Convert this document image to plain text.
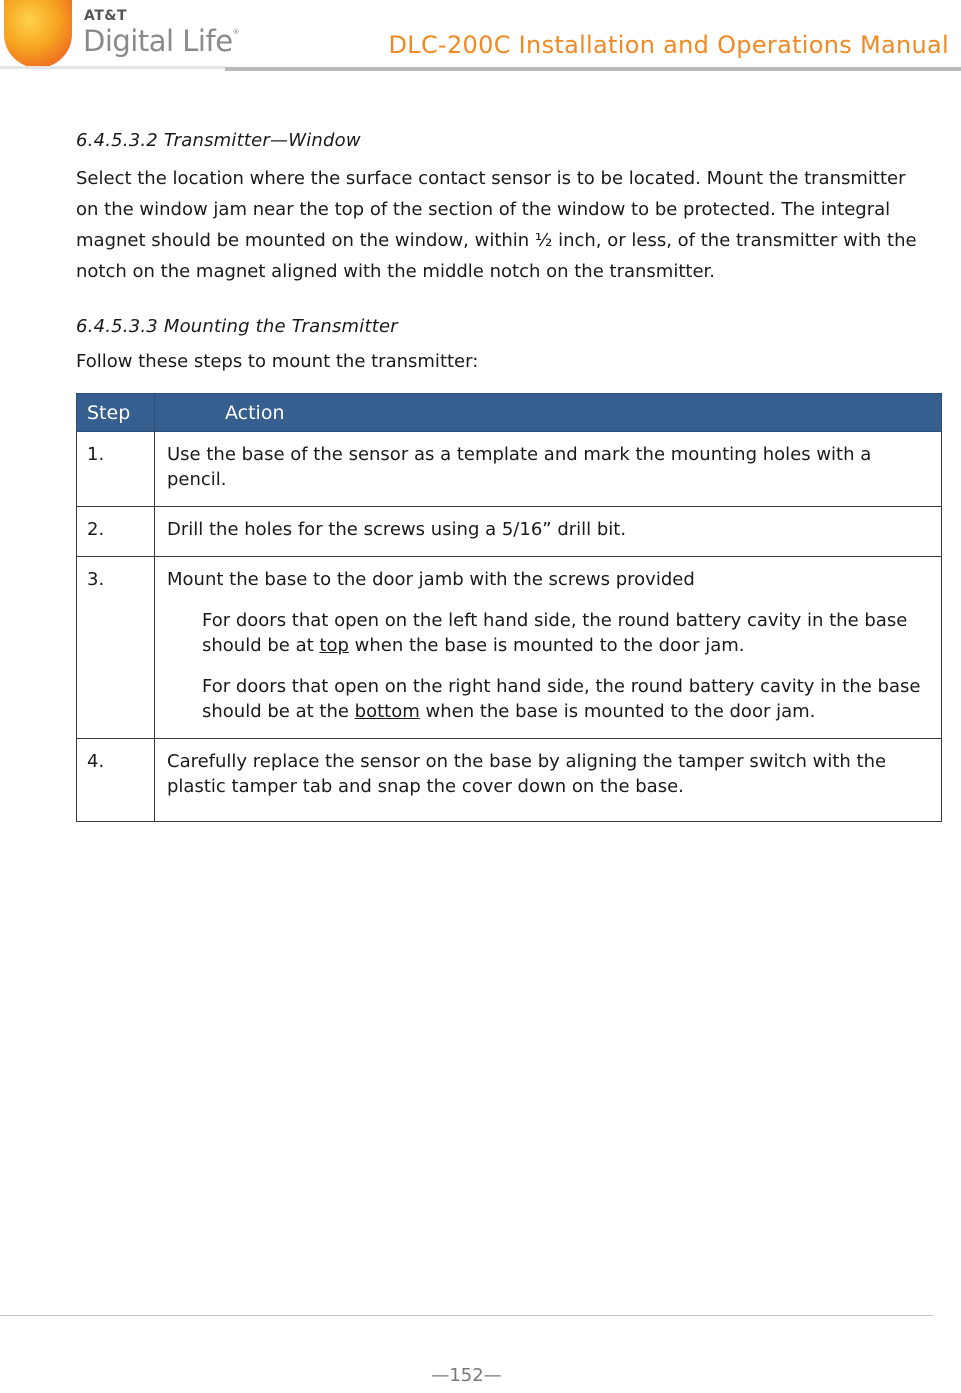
AT&T
Digital Life®	DLC-200C Installation and Operations Manual
6.4.5.3.2 Transmitter—Window

Select the location where the surface contact sensor is to be located. Mount the transmitter on the window jam near the top of the section of the window to be protected. The integral magnet should be mounted on the window, within ½ inch, or less, of the transmitter with the notch on the magnet aligned with the middle notch on the transmitter.

6.4.5.3.3 Mounting the Transmitter

Follow these steps to mount the transmitter:

Step	Action
1.	Use the base of the sensor as a template and mark the mounting holes with a pencil.
2.	Drill the holes for the screws using a 5/16” drill bit.
3.	Mount the base to the door jamb with the screws provided
For doors that open on the left hand side, the round battery cavity in the base should be at top when the base is mounted to the door jam.
For doors that open on the right hand side, the round battery cavity in the base should be at the bottom when the base is mounted to the door jam.

4.	Carefully replace the sensor on the base by aligning the tamper switch with the plastic tamper tab and snap the cover down on the base.
—152—
